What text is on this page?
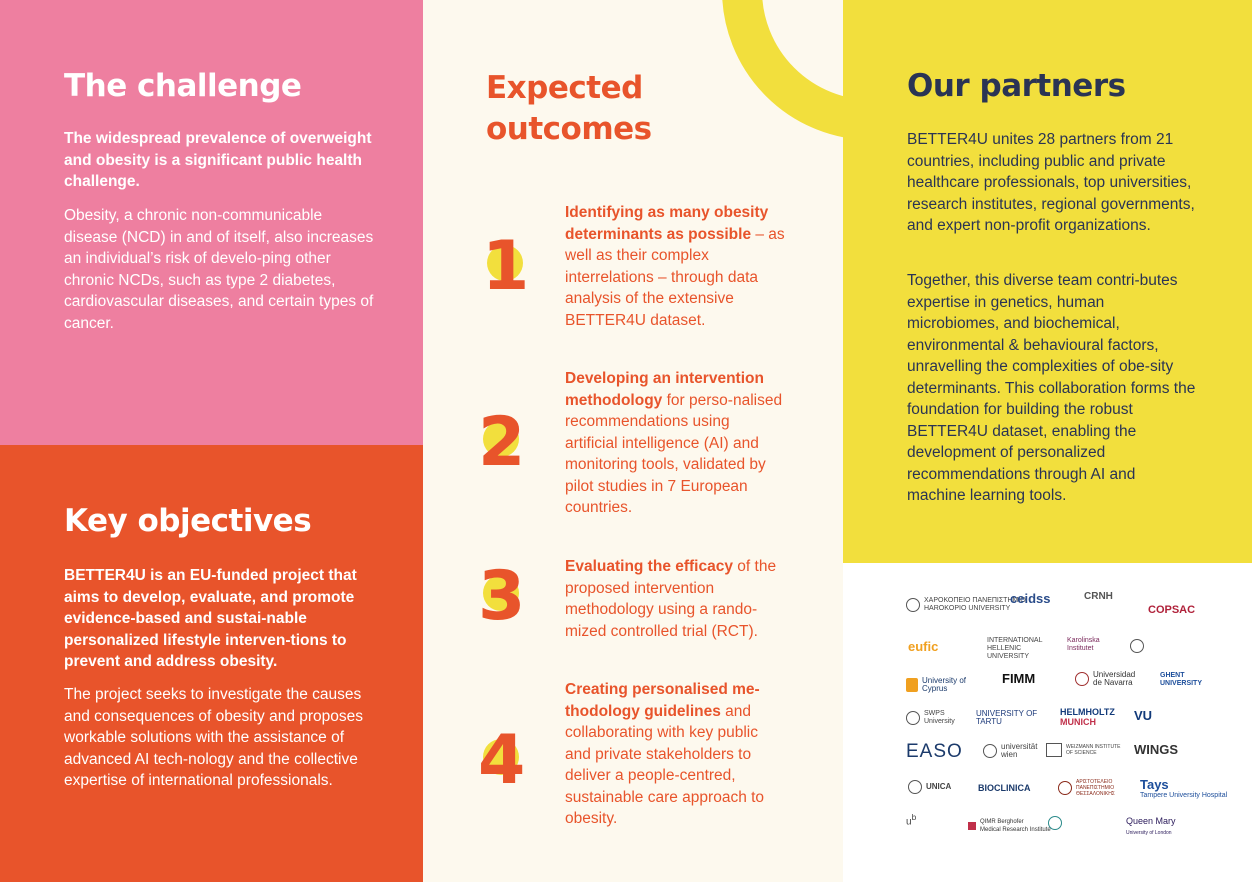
The challenge

The widespread prevalence of overweight and obesity is a significant public health challenge.

Obesity, a chronic non-communicable disease (NCD) in and of itself, also increases an individual’s risk of develo-ping other chronic NCDs, such as type 2 diabetes, cardiovascular diseases, and certain types of cancer.

Key objectives

BETTER4U is an EU-funded project that aims to develop, evaluate, and promote evidence-based and sustai-nable personalized lifestyle interven-tions to prevent and address obesity.

The project seeks to investigate the causes and consequences of obesity and proposes workable solutions with the assistance of advanced AI tech-nology and the collective expertise of international professionals.

Expected outcomes
1

Identifying as many obesity determinants as possible – as well as their complex interrelations – through data analysis of the extensive BETTER4U dataset.

2

Developing an intervention methodology for perso-nalised recommendations using artificial intelligence (AI) and monitoring tools, validated by pilot studies in 7 European countries.

3	Evaluating the efficacy of the proposed intervention methodology using a rando-mized controlled trial (RCT).

4

Creating personalised me-thodology guidelines and collaborating with key public and private stakeholders to deliver a people-centred, sustainable care approach to obesity.

Our partners

BETTER4U unites 28 partners from 21 countries, including public and private healthcare professionals, top universities, research institutes, regional governments, and expert non-profit organizations.

Together, this diverse team contri-butes expertise in genetics, human microbiomes, and biochemical, environmental & behavioural factors, unravelling the complexities of obe-sity determinants. This collaboration forms the foundation for building the robust BETTER4U dataset, enabling the development of personalized recommendations through AI and machine learning tools.

ΧΑΡΟΚΟΠΕΙΟ ΠΑΝΕΠΙΣΤΗΜΙΟ
HAROKOPIO UNIVERSITY
ceidss	CRNH
COPSAC
eufic	INTERNATIONAL HELLENIC UNIVERSITY
Karolinska Institutet
University of Cyprus
FIMM	Universidad de Navarra
GHENT UNIVERSITY
SWPS University
UNIVERSITY OF TARTU
HELMHOLTZ
MUNICH	VU
EASO	universität wien
WEIZMANN INSTITUTE OF SCIENCE	WINGS
UNICA	BIOCLINICA
ΑΡΙΣΤΟΤΕΛΕΙΟ ΠΑΝΕΠΙΣΤΗΜΙΟ ΘΕΣΣΑΛΟΝΙΚΗΣ
Tays
Tampere University Hospital
$u^b$	QIMR Berghofer
Medical Research Institute
Queen Mary
University of London
